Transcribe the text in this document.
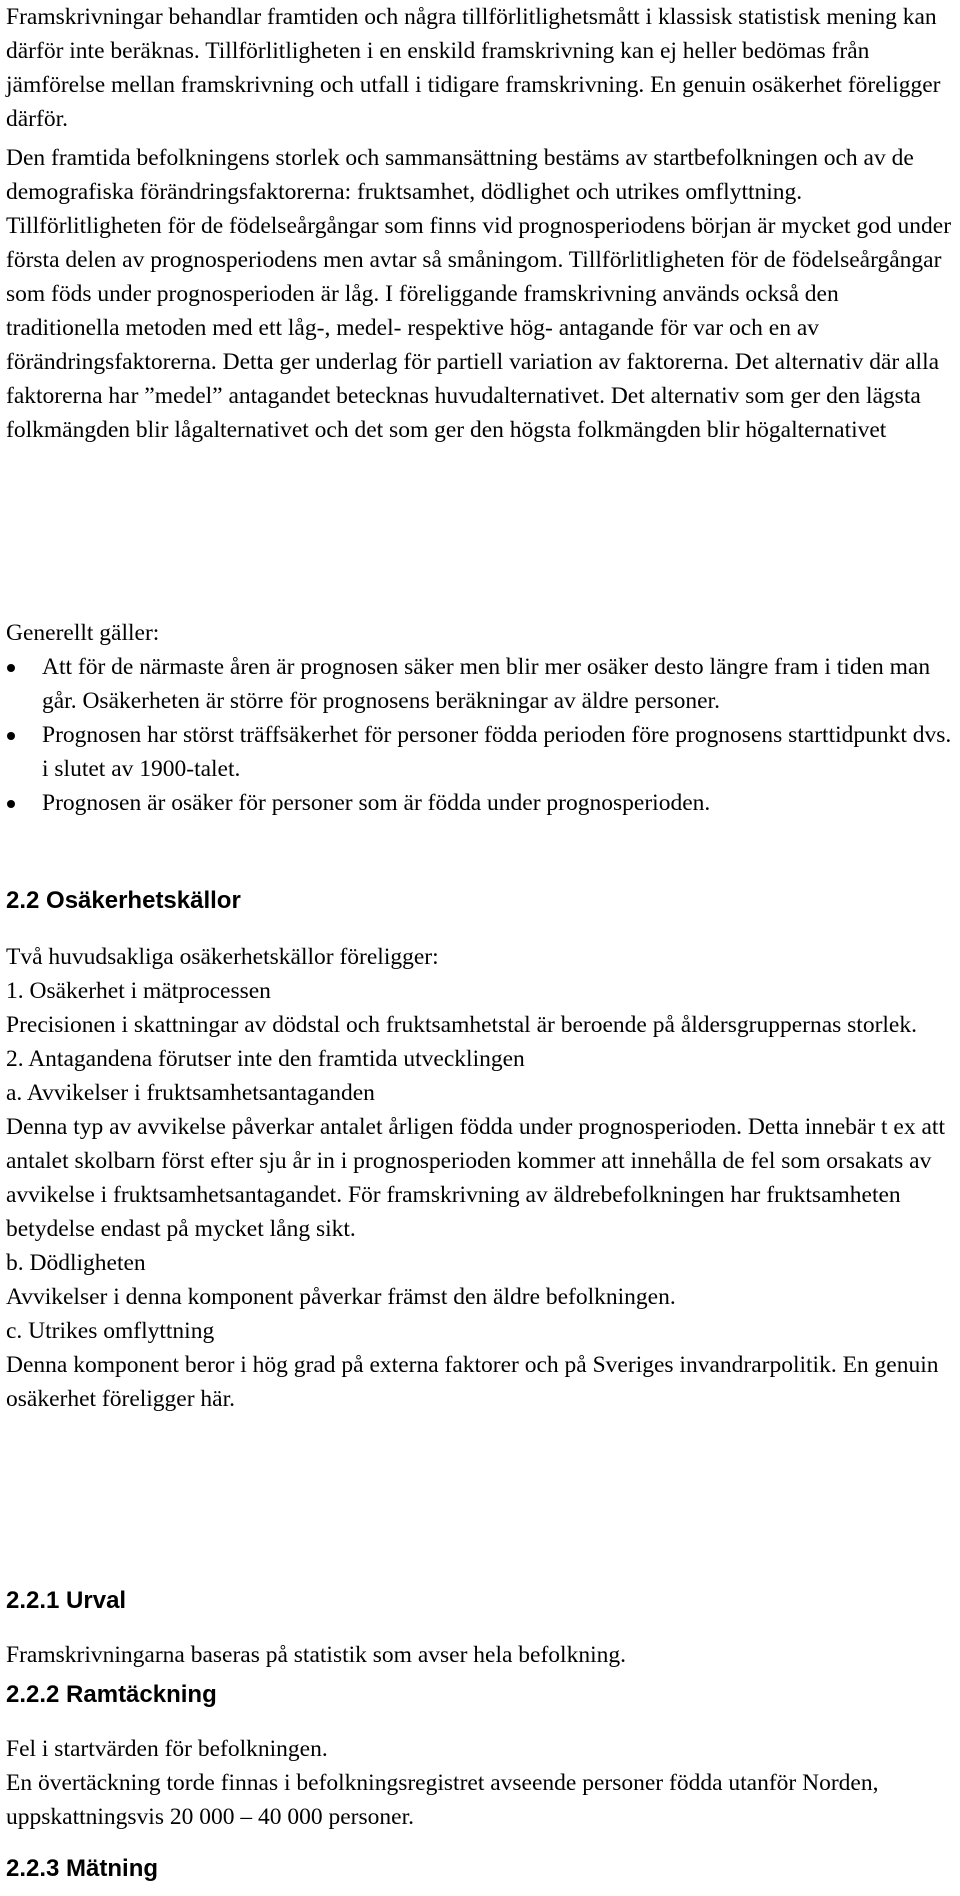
Framskrivningar behandlar framtiden och några tillförlitlighetsmått i klassisk statistisk mening kan därför inte beräknas. Tillförlitligheten i en enskild framskrivning kan ej heller bedömas från jämförelse mellan framskrivning och utfall i tidigare framskrivning. En genuin osäkerhet föreligger därför.

Den framtida befolkningens storlek och sammansättning bestäms av startbefolkningen och av de demografiska förändringsfaktorerna: fruktsamhet, dödlighet och utrikes omflyttning. Tillförlitligheten för de födelseårgångar som finns vid prognosperiodens början är mycket god under första delen av prognosperiodens men avtar så småningom. Tillförlitligheten för de födelseårgångar som föds under prognosperioden är låg. I föreliggande framskrivning används också den traditionella metoden med ett låg-, medel- respektive hög- antagande för var och en av förändringsfaktorerna. Detta ger underlag för partiell variation av faktorerna. Det alternativ där alla faktorerna har ”medel” antagandet betecknas huvudalternativet. Det alternativ som ger den lägsta folkmängden blir lågalternativet och det som ger den högsta folkmängden blir högalternativet

Generellt gäller:

Att för de närmaste åren är prognosen säker men blir mer osäker desto längre fram i tiden man går. Osäkerheten är större för prognosens beräkningar av äldre personer.
Prognosen har störst träffsäkerhet för personer födda perioden före prognosens starttidpunkt dvs. i slutet av 1900-talet.
Prognosen är osäker för personer som är födda under prognosperioden.
2.2 Osäkerhetskällor

Två huvudsakliga osäkerhetskällor föreligger:

1. Osäkerhet i mätprocessen

Precisionen i skattningar av dödstal och fruktsamhetstal är beroende på åldersgruppernas storlek.

2. Antagandena förutser inte den framtida utvecklingen

a. Avvikelser i fruktsamhetsantaganden

Denna typ av avvikelse påverkar antalet årligen födda under prognosperioden. Detta innebär t ex att antalet skolbarn först efter sju år in i prognosperioden kommer att innehålla de fel som orsakats av avvikelse i fruktsamhetsantagandet. För framskrivning av äldrebefolkningen har fruktsamheten betydelse endast på mycket lång sikt.

b. Dödligheten

Avvikelser i denna komponent påverkar främst den äldre befolkningen.

c. Utrikes omflyttning

Denna komponent beror i hög grad på externa faktorer och på Sveriges invandrarpolitik. En genuin osäkerhet föreligger här.

2.2.1 Urval

Framskrivningarna baseras på statistik som avser hela befolkning.

2.2.2 Ramtäckning

Fel i startvärden för befolkningen.

En övertäckning torde finnas i befolkningsregistret avseende personer födda utanför Norden, uppskattningsvis 20 000 – 40 000 personer.

2.2.3 Mätning
